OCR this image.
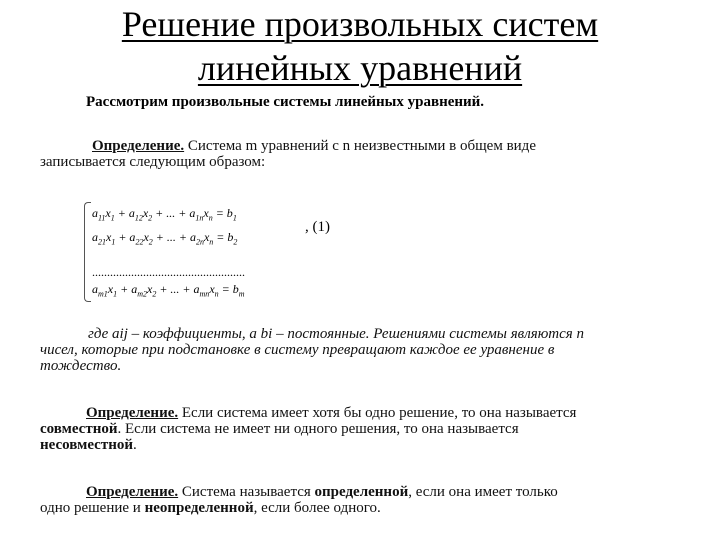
Решение произвольных систем
линейных уравнений
Рассмотрим произвольные системы линейных уравнений.
Определение. Система m уравнений с n неизвестными в общем виде
записывается следующим образом:
$a_{11}x_1 + a_{12}x_2$ + ... + $a_{1n}x_n = b_1$
$a_{21}x_1 + a_{22}x_2$ + ... + $a_{2n}x_n = b_2$
...................................................
$a_{m1}x_1 + a_{m2}x_2$ + ... + $a_{mn}x_n = b_m$
, (1)
где aij – коэффициенты, а bi – постоянные. Решениями системы являются n
чисел, которые при подстановке в систему превращают каждое ее уравнение в
тождество.
Определение. Если система имеет хотя бы одно решение, то она называется
совместной. Если система не имеет ни одного решения, то она называется
несовместной.
Определение. Система называется определенной, если она имеет только
одно решение и неопределенной, если более одного.
